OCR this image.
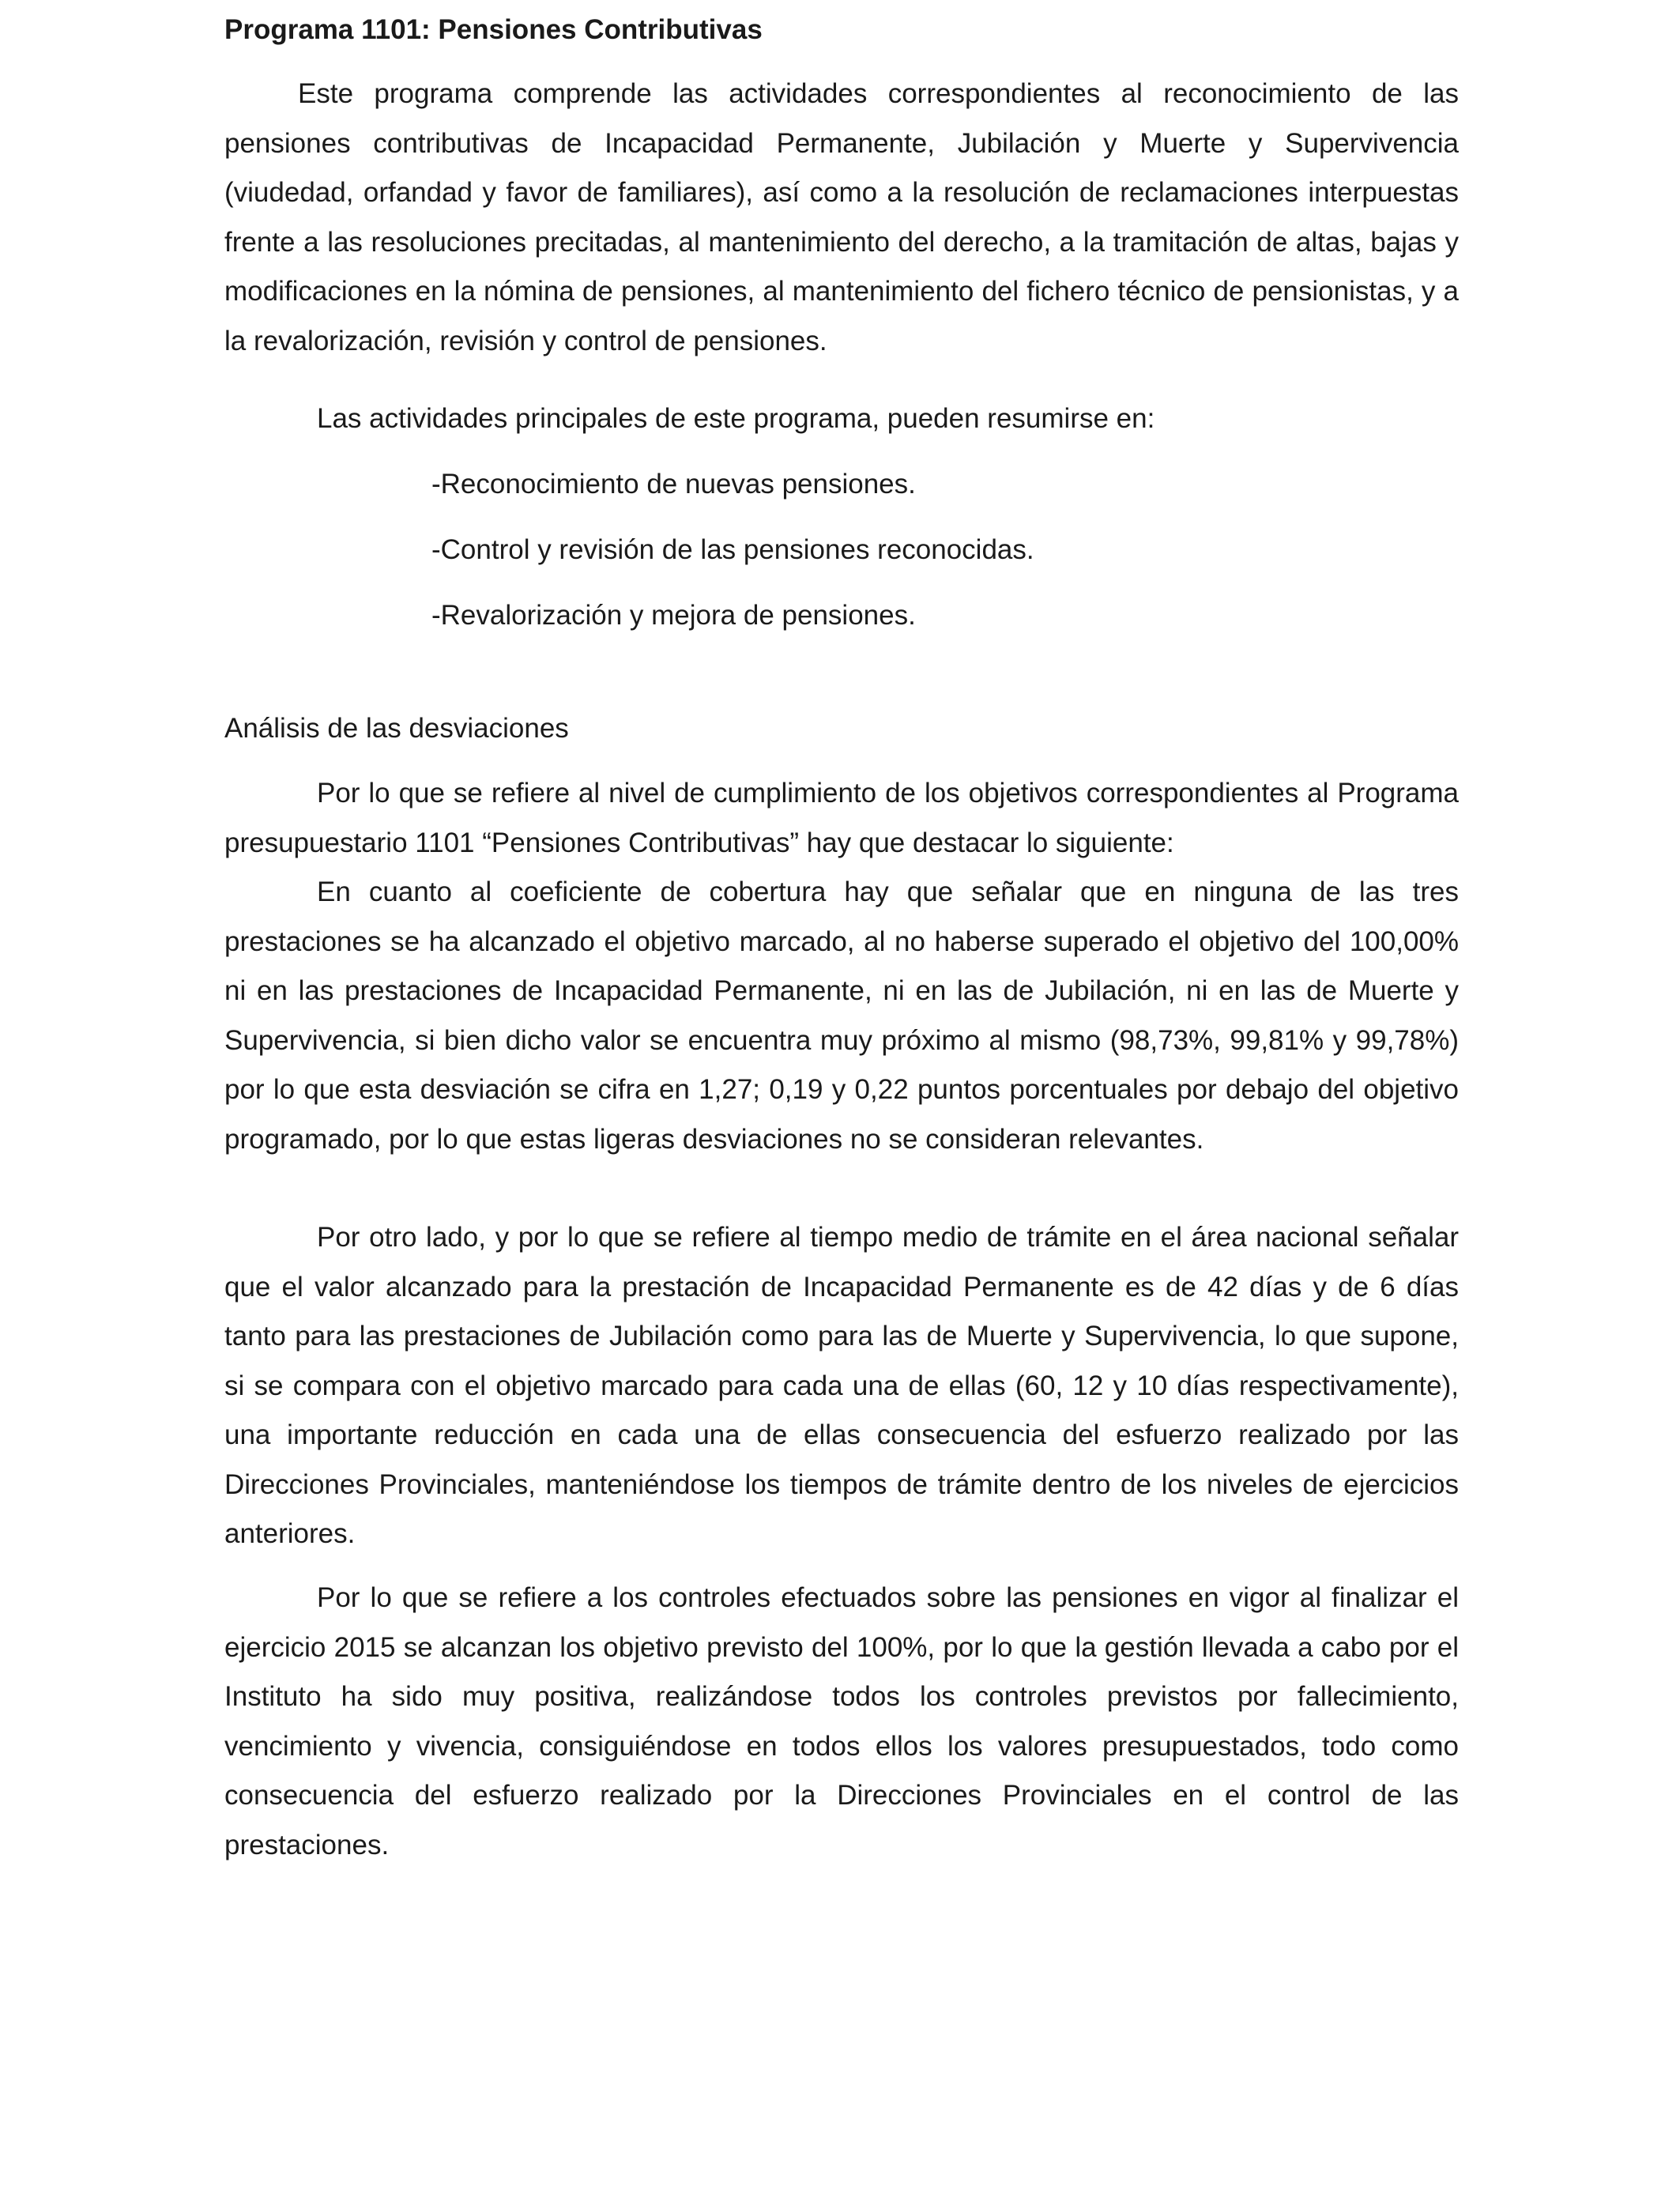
Programa 1101: Pensiones Contributivas

Este programa comprende las actividades correspondientes al reconocimiento de las pensiones contributivas de Incapacidad Permanente, Jubilación y Muerte y Supervivencia (viudedad, orfandad y favor de familiares), así como a la resolución de reclamaciones interpuestas frente a las resoluciones precitadas, al mantenimiento del derecho, a la tramitación de altas, bajas y modificaciones en la nómina de pensiones, al mantenimiento del fichero técnico de pensionistas, y a la revalorización, revisión y control de pensiones.

Las actividades principales de este programa, pueden resumirse en:

-Reconocimiento de nuevas pensiones.

-Control y revisión de las pensiones reconocidas.

-Revalorización y mejora de pensiones.

Análisis de las desviaciones

Por lo que se refiere al nivel de cumplimiento de los objetivos correspondientes al Programa presupuestario 1101 “Pensiones Contributivas” hay que destacar lo siguiente:

En cuanto al coeficiente de cobertura hay que señalar que en ninguna de las tres prestaciones se ha alcanzado el objetivo marcado, al no haberse superado el objetivo del 100,00% ni en las prestaciones de Incapacidad Permanente, ni en las de Jubilación, ni en las de Muerte y Supervivencia, si bien dicho valor se encuentra muy próximo al mismo (98,73%, 99,81% y 99,78%) por lo que esta desviación se cifra en 1,27; 0,19 y 0,22 puntos porcentuales por debajo del objetivo programado, por lo que estas ligeras desviaciones no se consideran relevantes.

Por otro lado, y por lo que se refiere al tiempo medio de trámite en el área nacional señalar que el valor alcanzado para la prestación de Incapacidad Permanente es de 42 días y de 6 días tanto para las prestaciones de Jubilación como para las de Muerte y Supervivencia, lo que supone, si se compara con el objetivo marcado para cada una de ellas (60, 12 y 10 días respectivamente), una importante reducción en cada una de ellas consecuencia del esfuerzo realizado por las Direcciones Provinciales, manteniéndose los tiempos de trámite dentro de los niveles de ejercicios anteriores.

Por lo que se refiere a los controles efectuados sobre las pensiones en vigor al finalizar el ejercicio 2015 se alcanzan los objetivo previsto del 100%, por lo que la gestión llevada a cabo por el Instituto ha sido muy positiva, realizándose todos los controles previstos por fallecimiento, vencimiento y vivencia, consiguiéndose en todos ellos los valores presupuestados, todo como consecuencia del esfuerzo realizado por la Direcciones Provinciales en el control de las prestaciones.
